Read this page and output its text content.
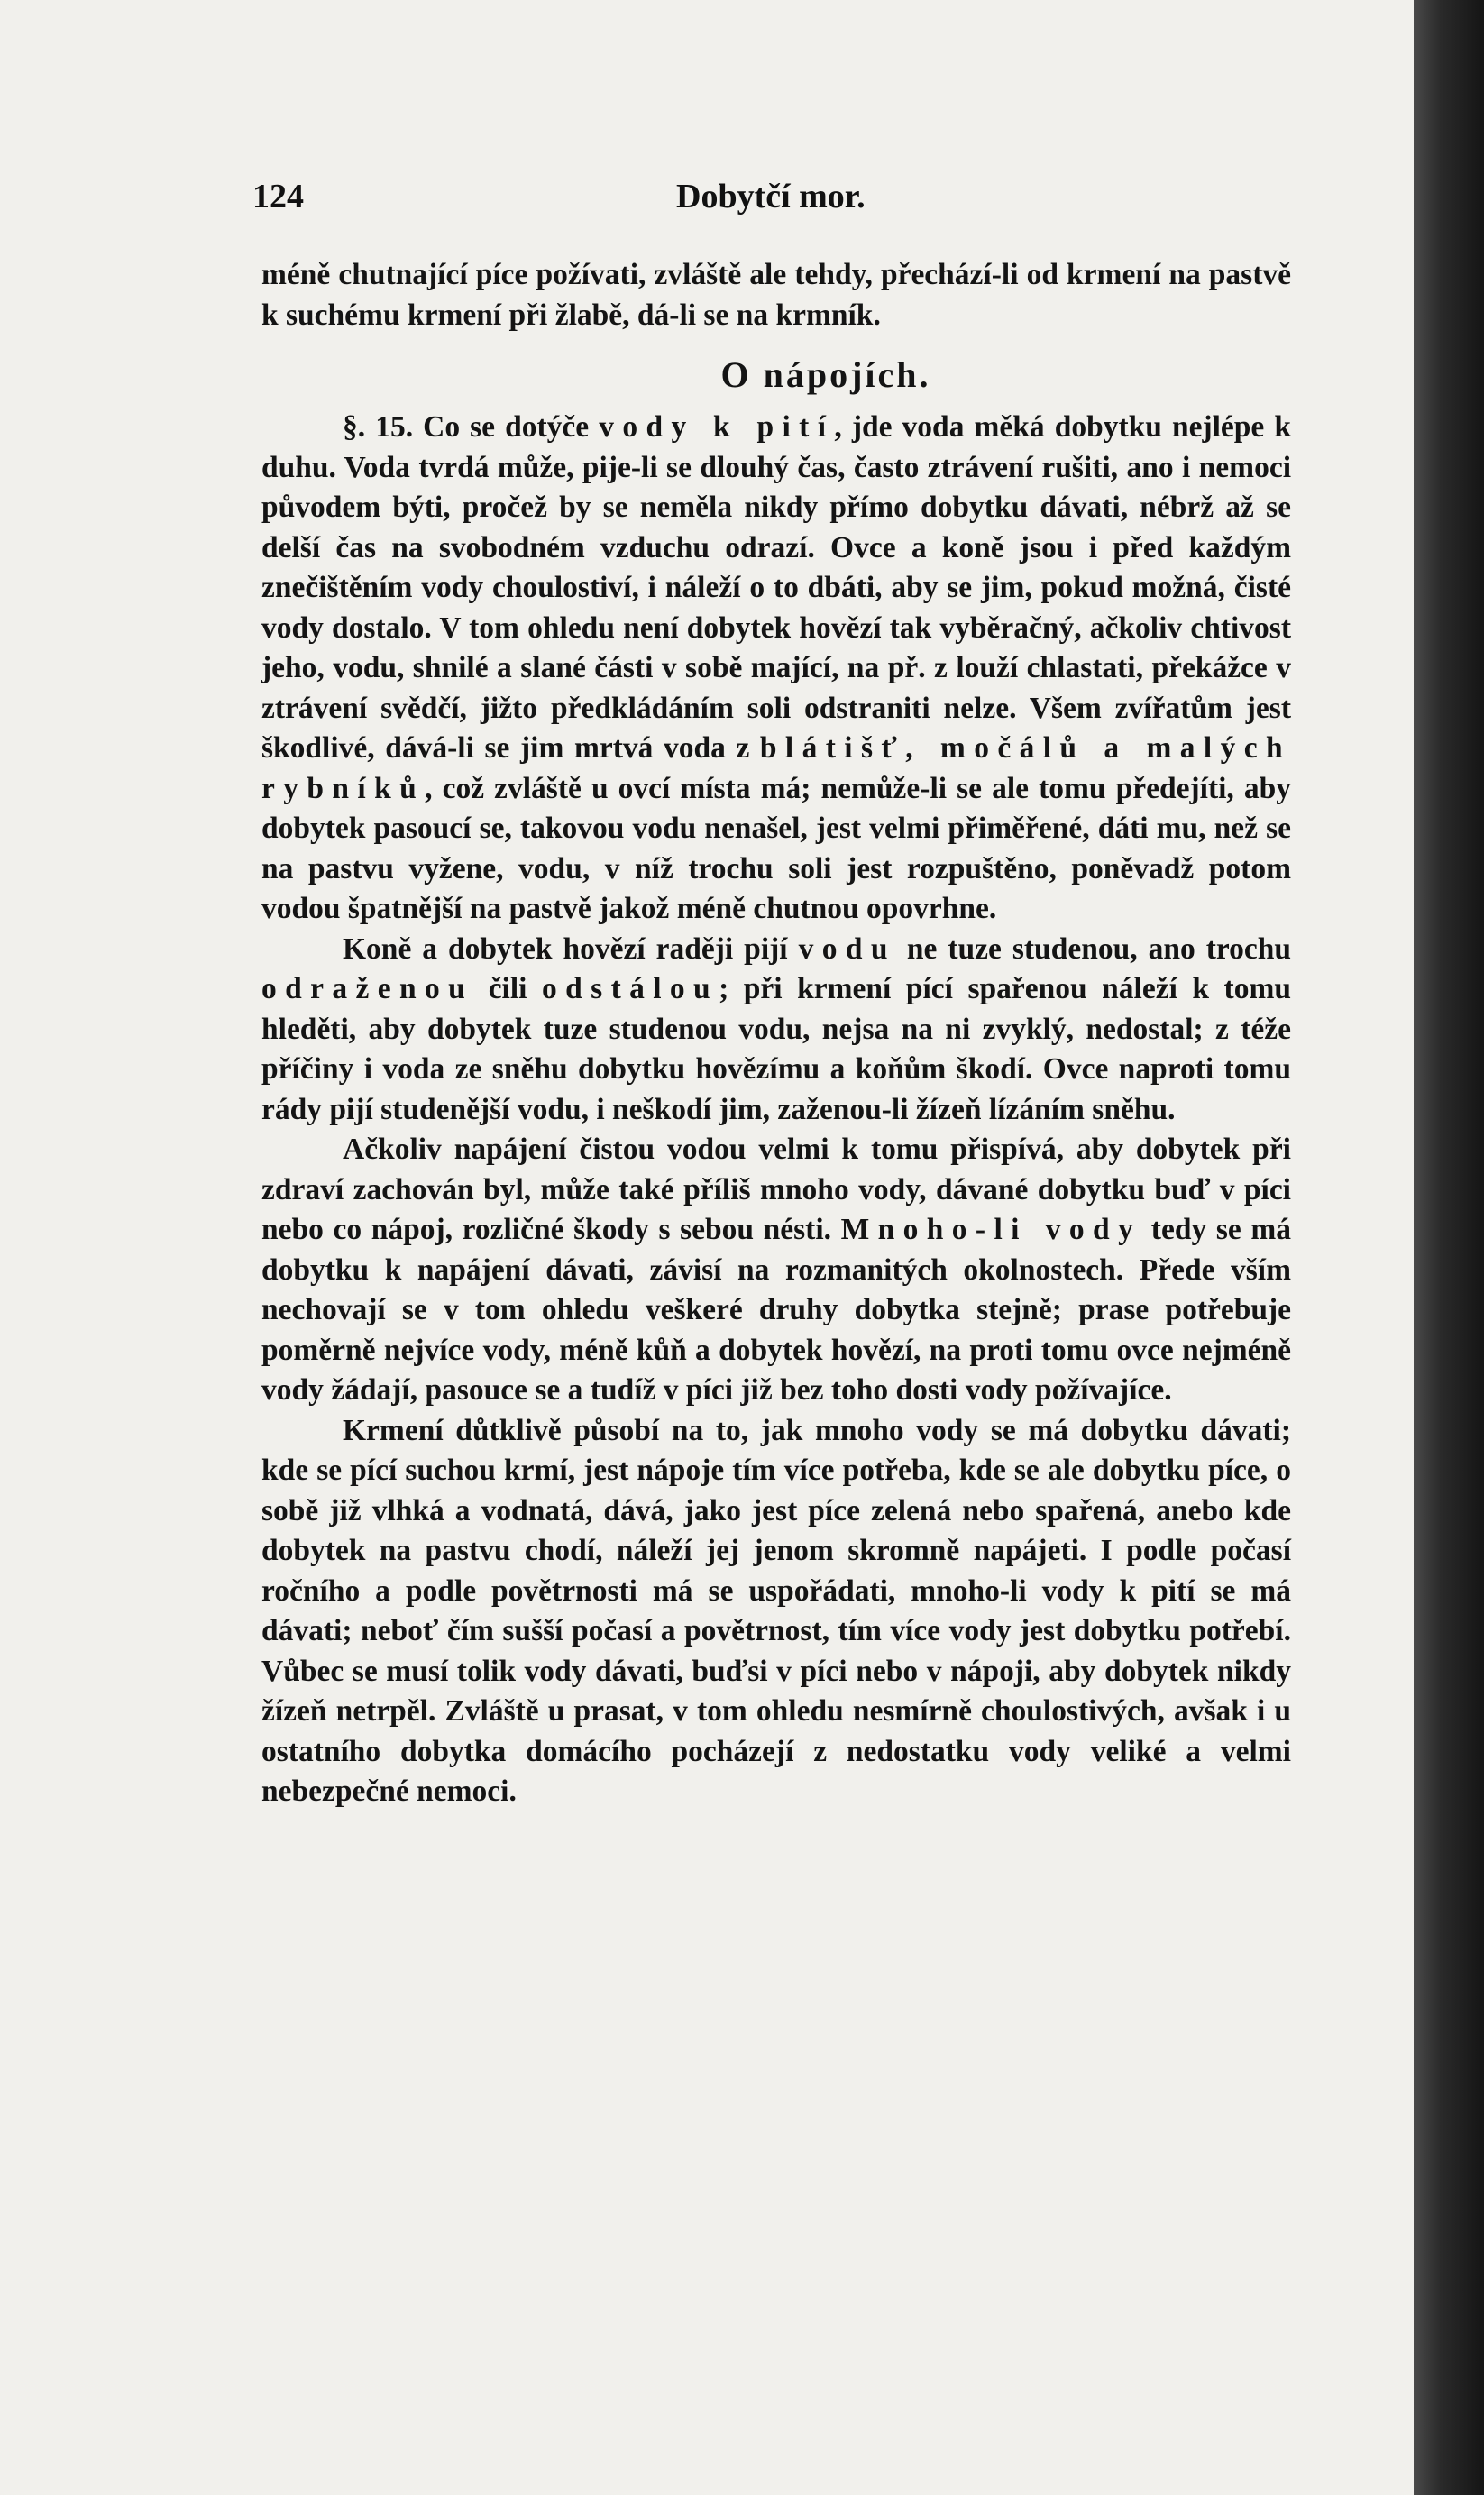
124	Dobytčí mor.

méně chutnající píce požívati, zvláště ale tehdy, přechází-li od krmení na pastvě k suchému krmení při žlabě, dá-li se na krmník.

O nápojích.

§. 15. Co se dotýče vody k pití, jde voda měká dobytku nejlépe k duhu. Voda tvrdá může, pije-li se dlouhý čas, často ztrávení rušiti, ano i nemoci původem býti, pročež by se neměla nikdy přímo dobytku dávati, nébrž až se delší čas na svobodném vzduchu odrazí. Ovce a koně jsou i před každým znečištěním vody choulostiví, i náleží o to dbáti, aby se jim, pokud možná, čisté vody dostalo. V tom ohledu není dobytek hovězí tak vyběračný, ačkoliv chtivost jeho, vodu, shnilé a slané části v sobě mající, na př. z louží chlastati, překážce v ztrávení svědčí, jižto předkládáním soli odstraniti nelze. Všem zvířatům jest škodlivé, dává-li se jim mrtvá voda z blátišť, močálů a malých rybníků, což zvláště u ovcí místa má; nemůže-li se ale tomu předejíti, aby dobytek pasoucí se, takovou vodu nenašel, jest velmi přiměřené, dáti mu, než se na pastvu vyžene, vodu, v níž trochu soli jest rozpuštěno, poněvadž potom vodou špatnější na pastvě jakož méně chutnou opovrhne.

Koně a dobytek hovězí raději pijí vodu ne tuze studenou, ano trochu odraženou čili odstálou; při krmení pící spařenou náleží k tomu hleděti, aby dobytek tuze studenou vodu, nejsa na ni zvyklý, nedostal; z téže příčiny i voda ze sněhu dobytku hovězímu a koňům škodí. Ovce naproti tomu rády pijí studenější vodu, i neškodí jim, zaženou-li žízeň lízáním sněhu.

Ačkoliv napájení čistou vodou velmi k tomu přispívá, aby dobytek při zdraví zachován byl, může také příliš mnoho vody, dávané dobytku buď v píci nebo co nápoj, rozličné škody s sebou nésti. Mnoho-li vody tedy se má dobytku k napájení dávati, závisí na rozmanitých okolnostech. Přede vším nechovají se v tom ohledu veškeré druhy dobytka stejně; prase potřebuje poměrně nejvíce vody, méně kůň a dobytek hovězí, na proti tomu ovce nejméně vody žádají, pasouce se a tudíž v píci již bez toho dosti vody požívajíce.

Krmení důtklivě působí na to, jak mnoho vody se má dobytku dávati; kde se pící suchou krmí, jest nápoje tím více potřeba, kde se ale dobytku píce, o sobě již vlhká a vodnatá, dává, jako jest píce zelená nebo spařená, anebo kde dobytek na pastvu chodí, náleží jej jenom skromně napájeti. I podle počasí ročního a podle povětrnosti má se uspořádati, mnoho-li vody k pití se má dávati; neboť čím sušší počasí a povětrnost, tím více vody jest dobytku potřebí. Vůbec se musí tolik vody dávati, buďsi v píci nebo v nápoji, aby dobytek nikdy žízeň netrpěl. Zvláště u prasat, v tom ohledu nesmírně choulostivých, avšak i u ostatního dobytka domácího pocházejí z nedostatku vody veliké a velmi nebezpečné nemoci.
